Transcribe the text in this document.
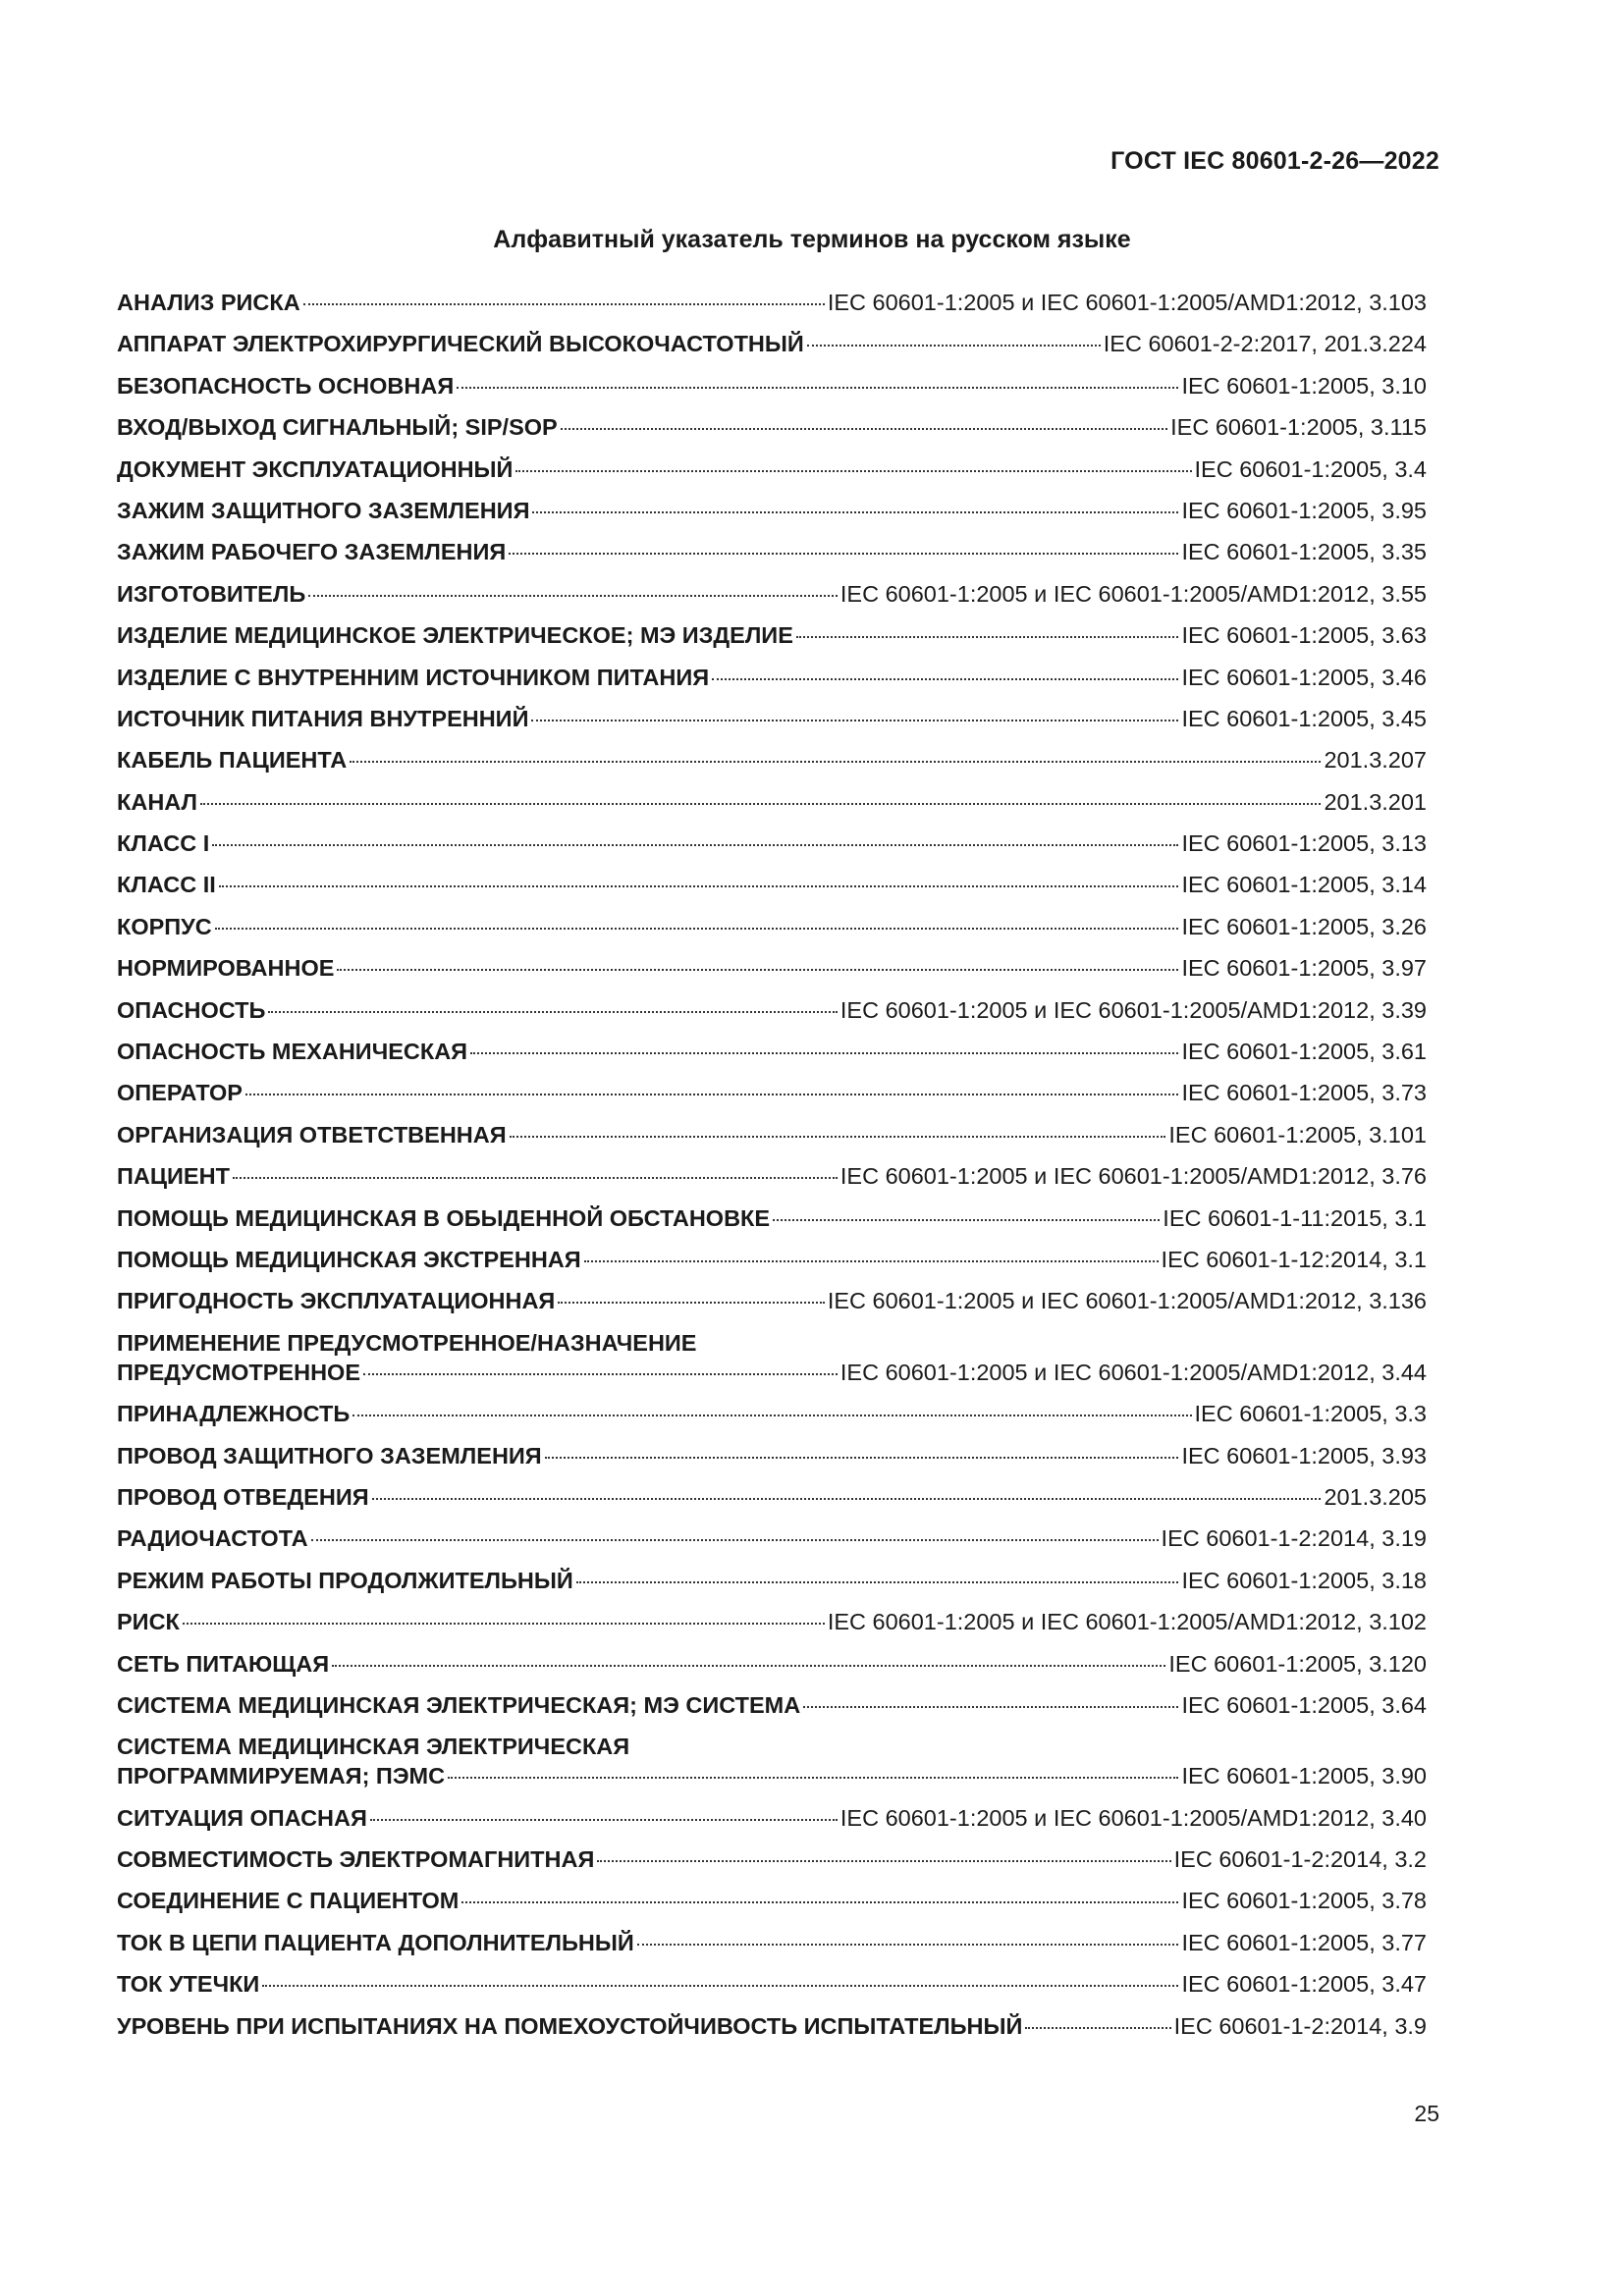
ГОСТ IEC 80601-2-26—2022
Алфавитный указатель терминов на русском языке
АНАЛИЗ РИСКА	IEC 60601-1:2005 и IEC 60601-1:2005/AMD1:2012, 3.103
АППАРАТ ЭЛЕКТРОХИРУРГИЧЕСКИЙ ВЫСОКОЧАСТОТНЫЙ	IEC 60601-2-2:2017, 201.3.224
БЕЗОПАСНОСТЬ ОСНОВНАЯ	IEC 60601-1:2005, 3.10
ВХОД/ВЫХОД СИГНАЛЬНЫЙ; SIP/SOP	IEC 60601-1:2005, 3.115
ДОКУМЕНТ ЭКСПЛУАТАЦИОННЫЙ	IEC 60601-1:2005, 3.4
ЗАЖИМ ЗАЩИТНОГО ЗАЗЕМЛЕНИЯ	IEC 60601-1:2005, 3.95
ЗАЖИМ РАБОЧЕГО ЗАЗЕМЛЕНИЯ	IEC 60601-1:2005, 3.35
ИЗГОТОВИТЕЛЬ	IEC 60601-1:2005 и IEC 60601-1:2005/AMD1:2012, 3.55
ИЗДЕЛИЕ МЕДИЦИНСКОЕ ЭЛЕКТРИЧЕСКОЕ; МЭ ИЗДЕЛИЕ	IEC 60601-1:2005, 3.63
ИЗДЕЛИЕ С ВНУТРЕННИМ ИСТОЧНИКОМ ПИТАНИЯ	IEC 60601-1:2005, 3.46
ИСТОЧНИК ПИТАНИЯ ВНУТРЕННИЙ	IEC 60601-1:2005, 3.45
КАБЕЛЬ ПАЦИЕНТА	201.3.207
КАНАЛ	201.3.201
КЛАСС I	IEC 60601-1:2005, 3.13
КЛАСС II	IEC 60601-1:2005, 3.14
КОРПУС	IEC 60601-1:2005, 3.26
НОРМИРОВАННОЕ	IEC 60601-1:2005, 3.97
ОПАСНОСТЬ	IEC 60601-1:2005 и IEC 60601-1:2005/AMD1:2012, 3.39
ОПАСНОСТЬ МЕХАНИЧЕСКАЯ	IEC 60601-1:2005, 3.61
ОПЕРАТОР	IEC 60601-1:2005, 3.73
ОРГАНИЗАЦИЯ ОТВЕТСТВЕННАЯ	IEC 60601-1:2005, 3.101
ПАЦИЕНТ	IEC 60601-1:2005 и IEC 60601-1:2005/AMD1:2012, 3.76
ПОМОЩЬ МЕДИЦИНСКАЯ В ОБЫДЕННОЙ ОБСТАНОВКЕ	IEC 60601-1-11:2015, 3.1
ПОМОЩЬ МЕДИЦИНСКАЯ ЭКСТРЕННАЯ	IEC 60601-1-12:2014, 3.1
ПРИГОДНОСТЬ ЭКСПЛУАТАЦИОННАЯ	IEC 60601-1:2005 и IEC 60601-1:2005/AMD1:2012, 3.136
ПРИМЕНЕНИЕ ПРЕДУСМОТРЕННОЕ/НАЗНАЧЕНИЕ
ПРЕДУСМОТРЕННОЕ	IEC 60601-1:2005 и IEC 60601-1:2005/AMD1:2012, 3.44
ПРИНАДЛЕЖНОСТЬ	IEC 60601-1:2005, 3.3
ПРОВОД ЗАЩИТНОГО ЗАЗЕМЛЕНИЯ	IEC 60601-1:2005, 3.93
ПРОВОД ОТВЕДЕНИЯ	201.3.205
РАДИОЧАСТОТА	IEC 60601-1-2:2014, 3.19
РЕЖИМ РАБОТЫ ПРОДОЛЖИТЕЛЬНЫЙ	IEC 60601-1:2005, 3.18
РИСК	IEC 60601-1:2005 и IEC 60601-1:2005/AMD1:2012, 3.102
СЕТЬ ПИТАЮЩАЯ	IEC 60601-1:2005, 3.120
СИСТЕМА МЕДИЦИНСКАЯ ЭЛЕКТРИЧЕСКАЯ; МЭ СИСТЕМА	IEC 60601-1:2005, 3.64
СИСТЕМА МЕДИЦИНСКАЯ ЭЛЕКТРИЧЕСКАЯ
ПРОГРАММИРУЕМАЯ; ПЭМС	IEC 60601-1:2005, 3.90
СИТУАЦИЯ ОПАСНАЯ	IEC 60601-1:2005 и IEC 60601-1:2005/AMD1:2012, 3.40
СОВМЕСТИМОСТЬ ЭЛЕКТРОМАГНИТНАЯ	IEC 60601-1-2:2014, 3.2
СОЕДИНЕНИЕ С ПАЦИЕНТОМ	IEC 60601-1:2005, 3.78
ТОК В ЦЕПИ ПАЦИЕНТА ДОПОЛНИТЕЛЬНЫЙ	IEC 60601-1:2005, 3.77
ТОК УТЕЧКИ	IEC 60601-1:2005, 3.47
УРОВЕНЬ ПРИ ИСПЫТАНИЯХ НА ПОМЕХОУСТОЙЧИВОСТЬ ИСПЫТАТЕЛЬНЫЙ	IEC 60601-1-2:2014, 3.9
25
